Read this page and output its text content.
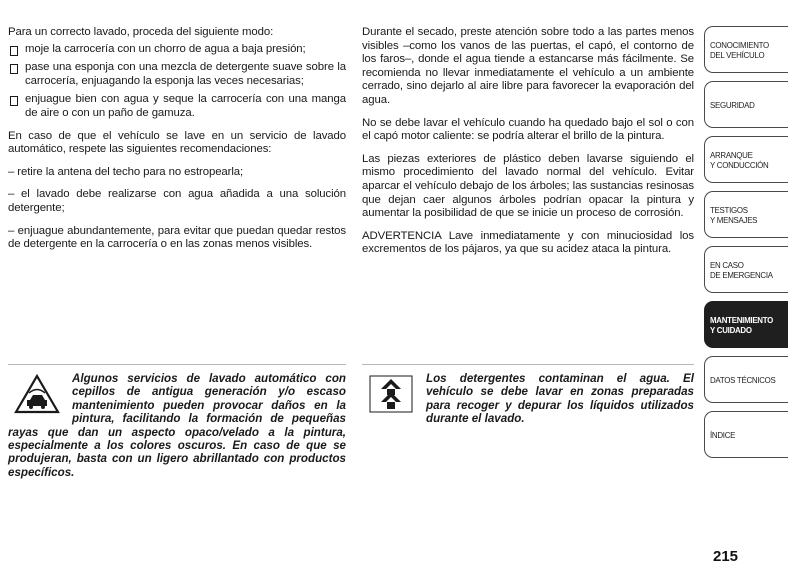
Para un correcto lavado, proceda del siguiente modo:

moje la carrocería con un chorro de agua a baja presión;
pase una esponja con una mezcla de detergente suave sobre la carrocería, enjuagando la esponja las veces necesarias;
enjuague bien con agua y seque la carrocería con una manga de aire o con un paño de gamuza.

En caso de que el vehículo se lave en un servicio de lavado automático, respete las siguientes recomendaciones:

– retire la antena del techo para no estropearla;
– el lavado debe realizarse con agua añadida a una solución detergente;
– enjuague abundantemente, para evitar que puedan quedar restos de detergente en la carrocería o en las zonas menos visibles.

Durante el secado, preste atención sobre todo a las partes menos visibles –como los vanos de las puertas, el capó, el contorno de los faros–, donde el agua tiende a estancarse más fácilmente. Se recomienda no llevar inmediatamente el vehículo a un ambiente cerrado, sino dejarlo al aire libre para favorecer la evaporación del agua.

No se debe lavar el vehículo cuando ha quedado bajo el sol o con el capó motor caliente: se podría alterar el brillo de la pintura.

Las piezas exteriores de plástico deben lavarse siguiendo el mismo procedimiento del lavado normal del vehículo. Evitar aparcar el vehículo debajo de los árboles; las sustancias resinosas que dejan caer algunos árboles podrían opacar la pintura y aumentar la posibilidad de que se inicie un proceso de corrosión.

ADVERTENCIA Lave inmediatamente y con minuciosidad los excrementos de los pájaros, ya que su acidez ataca la pintura.

Algunos servicios de lavado automático con cepillos de antigua generación y/o escaso mantenimiento pueden provocar daños en la pintura, facilitando la formación de pequeñas rayas que dan un aspecto opaco/velado a la pintura, especialmente a los colores oscuros. En caso de que se produjeran, basta con un ligero abrillantado con productos específicos.
Los detergentes contaminan el agua. El vehículo se debe lavar en zonas preparadas para recoger y depurar los líquidos utilizados durante el lavado.
CONOCIMIENTO
DEL VEHÍCULO
SEGURIDAD
ARRANQUE
Y CONDUCCIÓN
TESTIGOS
Y MENSAJES
EN CASO
DE EMERGENCIA
MANTENIMIENTO
Y CUIDADO
DATOS TÉCNICOS
ÍNDICE
215
